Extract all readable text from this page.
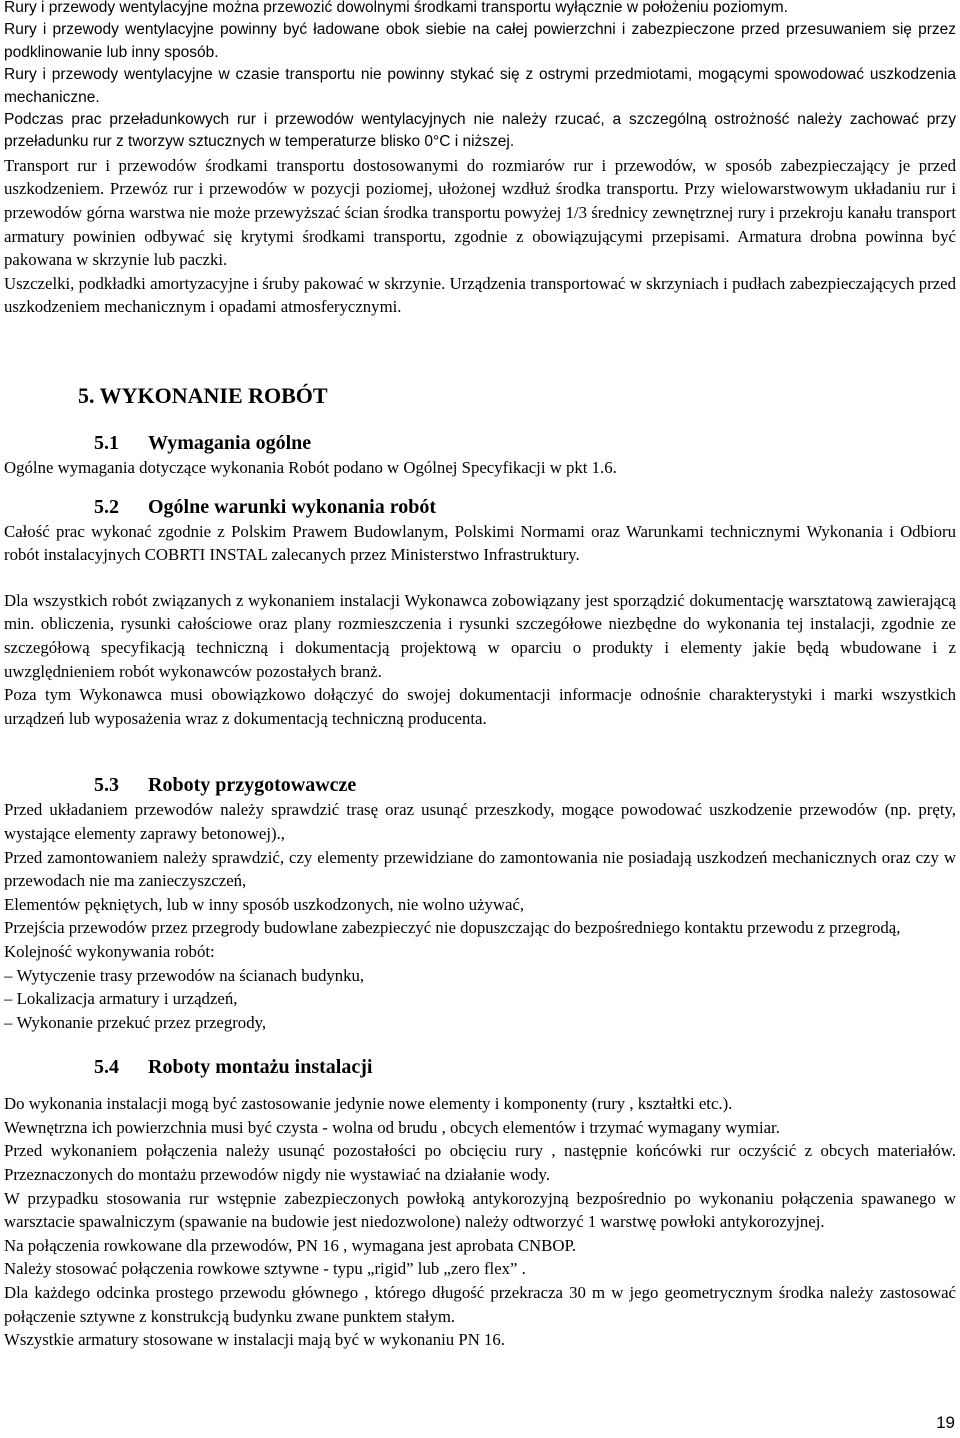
Rury i przewody wentylacyjne można przewozić dowolnymi środkami transportu wyłącznie w położeniu poziomym.

Rury i przewody wentylacyjne powinny być ładowane obok siebie na całej powierzchni i zabezpieczone przed przesuwaniem się przez podklinowanie lub inny sposób.

Rury i przewody wentylacyjne w czasie transportu nie powinny stykać się z ostrymi przedmiotami, mogącymi spowodować uszkodzenia mechaniczne.

Podczas prac przeładunkowych rur i przewodów wentylacyjnych nie należy rzucać, a szczególną ostrożność należy zachować przy przeładunku rur z tworzyw sztucznych w temperaturze blisko 0°C i niższej.

Transport rur i przewodów środkami transportu dostosowanymi do rozmiarów rur i przewodów, w sposób zabezpieczający je przed uszkodzeniem. Przewóz rur i przewodów w pozycji poziomej, ułożonej wzdłuż środka transportu. Przy wielowarstwowym układaniu rur i przewodów górna warstwa nie może przewyższać ścian środka transportu powyżej 1/3 średnicy zewnętrznej rury i przekroju kanału transport armatury powinien odbywać się krytymi środkami transportu, zgodnie z obowiązującymi przepisami. Armatura drobna powinna być pakowana w skrzynie lub paczki.

Uszczelki, podkładki amortyzacyjne i śruby pakować w skrzynie. Urządzenia transportować w skrzyniach i pudłach zabezpieczających przed uszkodzeniem mechanicznym i opadami atmosferycznymi.

5. WYKONANIE ROBÓT
5.1 Wymagania ogólne

Ogólne wymagania dotyczące wykonania Robót podano w Ogólnej Specyfikacji w pkt 1.6.

5.2 Ogólne warunki wykonania robót

Całość prac wykonać zgodnie z Polskim Prawem Budowlanym, Polskimi Normami oraz Warunkami technicznymi Wykonania i Odbioru robót instalacyjnych COBRTI INSTAL zalecanych przez Ministerstwo Infrastruktury.

Dla wszystkich robót związanych z wykonaniem instalacji Wykonawca zobowiązany jest sporządzić dokumentację warsztatową zawierającą min. obliczenia, rysunki całościowe oraz plany rozmieszczenia i rysunki szczegółowe niezbędne do wykonania tej instalacji, zgodnie ze szczegółową specyfikacją techniczną i dokumentacją projektową w oparciu o produkty i elementy jakie będą wbudowane i z uwzględnieniem robót wykonawców pozostałych branż.

Poza tym Wykonawca musi obowiązkowo dołączyć do swojej dokumentacji informacje odnośnie charakterystyki i marki wszystkich urządzeń lub wyposażenia wraz z dokumentacją techniczną producenta.

5.3 Roboty przygotowawcze

Przed układaniem przewodów należy sprawdzić trasę oraz usunąć przeszkody, mogące powodować uszkodzenie przewodów (np. pręty, wystające elementy zaprawy betonowej).,

Przed zamontowaniem należy sprawdzić, czy elementy przewidziane do zamontowania nie posiadają uszkodzeń mechanicznych oraz czy w przewodach nie ma zanieczyszczeń,

Elementów pękniętych, lub w inny sposób uszkodzonych, nie wolno używać,

Przejścia przewodów przez przegrody budowlane zabezpieczyć nie dopuszczając do bezpośredniego kontaktu przewodu z przegrodą,

Kolejność wykonywania robót:

– Wytyczenie trasy przewodów na ścianach budynku,

– Lokalizacja armatury i urządzeń,

– Wykonanie przekuć przez przegrody,

5.4 Roboty montażu instalacji

Do wykonania instalacji mogą być zastosowanie jedynie nowe elementy i komponenty (rury , kształtki etc.).

Wewnętrzna ich powierzchnia musi być czysta - wolna od brudu , obcych elementów i trzymać wymagany wymiar.

Przed wykonaniem połączenia należy usunąć pozostałości po obcięciu rury , następnie końcówki rur oczyścić z obcych materiałów. Przeznaczonych do montażu przewodów nigdy nie wystawiać na działanie wody.

W przypadku stosowania rur wstępnie zabezpieczonych powłoką antykorozyjną bezpośrednio po wykonaniu połączenia spawanego w warsztacie spawalniczym (spawanie na budowie jest niedozwolone) należy odtworzyć 1 warstwę powłoki antykorozyjnej.

Na połączenia rowkowane dla przewodów, PN 16 , wymagana jest aprobata CNBOP.

Należy stosować połączenia rowkowe sztywne - typu „rigid” lub „zero flex” .

Dla każdego odcinka prostego przewodu głównego , którego długość przekracza 30 m w jego geometrycznym środka należy zastosować połączenie sztywne z konstrukcją budynku zwane punktem stałym.

Wszystkie armatury stosowane w instalacji mają być w wykonaniu PN 16.

19
